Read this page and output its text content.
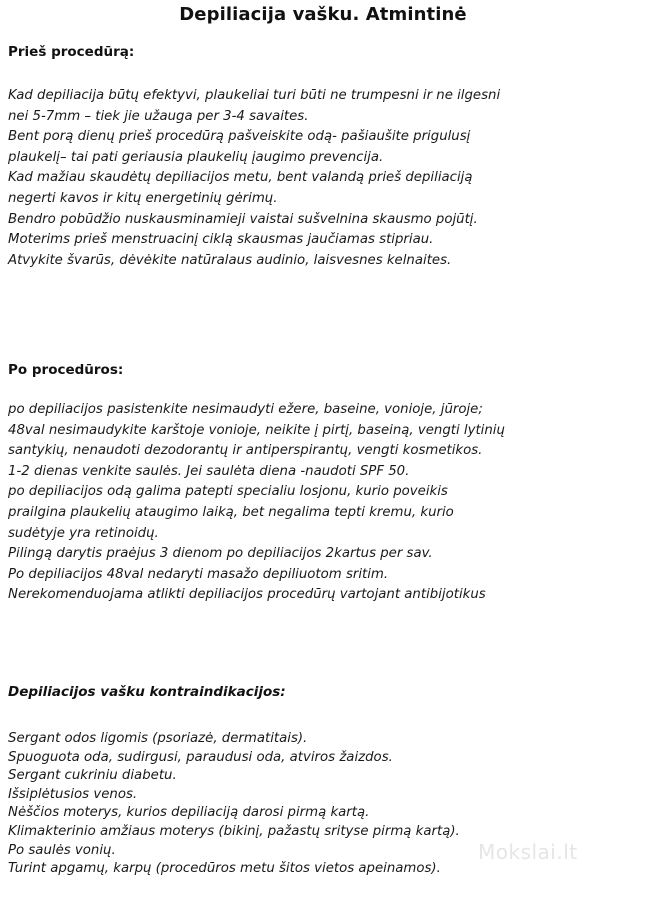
Depiliacija vašku. Atmintinė
Prieš procedūrą:
Kad depiliacija būtų efektyvi, plaukeliai turi būti ne trumpesni ir ne ilgesni
nei 5-7mm – tiek jie užauga per 3-4 savaites.
Bent porą dienų prieš procedūrą pašveiskite odą- pašiaušite prigulusį
plaukelį– tai pati geriausia plaukelių įaugimo prevencija.
Kad mažiau skaudėtų depiliacijos metu, bent valandą prieš depiliaciją
negerti kavos ir kitų energetinių gėrimų.
Bendro pobūdžio nuskausminamieji vaistai sušvelnina skausmo pojūtį.
Moterims prieš menstruacinį ciklą skausmas jaučiamas stipriau.
Atvykite švarūs, dėvėkite natūralaus audinio, laisvesnes kelnaites.
Po procedūros:
po depiliacijos pasistenkite nesimaudyti ežere, baseine, vonioje, jūroje;
48val nesimaudykite karštoje vonioje, neikite į pirtį, baseiną, vengti lytinių
santykių, nenaudoti dezodorantų ir antiperspirantų, vengti kosmetikos.
1-2 dienas venkite saulės. Jei saulėta diena -naudoti SPF 50.
po depiliacijos odą galima patepti specialiu losjonu, kurio poveikis
prailgina plaukelių ataugimo laiką, bet negalima tepti kremu, kurio
sudėtyje yra retinoidų.
Pilingą darytis praėjus 3 dienom po depiliacijos 2kartus per sav.
Po depiliacijos 48val nedaryti masažo depiliuotom sritim.
Nerekomenduojama atlikti depiliacijos procedūrų vartojant antibijotikus
Depiliacijos vašku kontraindikacijos:
Sergant odos ligomis (psoriazė, dermatitais).
Spuoguota oda, sudirgusi, paraudusi oda, atviros žaizdos.
Sergant cukriniu diabetu.
Išsiplėtusios venos.
Nėščios moterys, kurios depiliaciją darosi pirmą kartą.
Klimakterinio amžiaus moterys (bikinį, pažastų srityse pirmą kartą).
Po saulės vonių.
Turint apgamų, karpų (procedūros metu šitos vietos apeinamos).
Mokslai.lt
